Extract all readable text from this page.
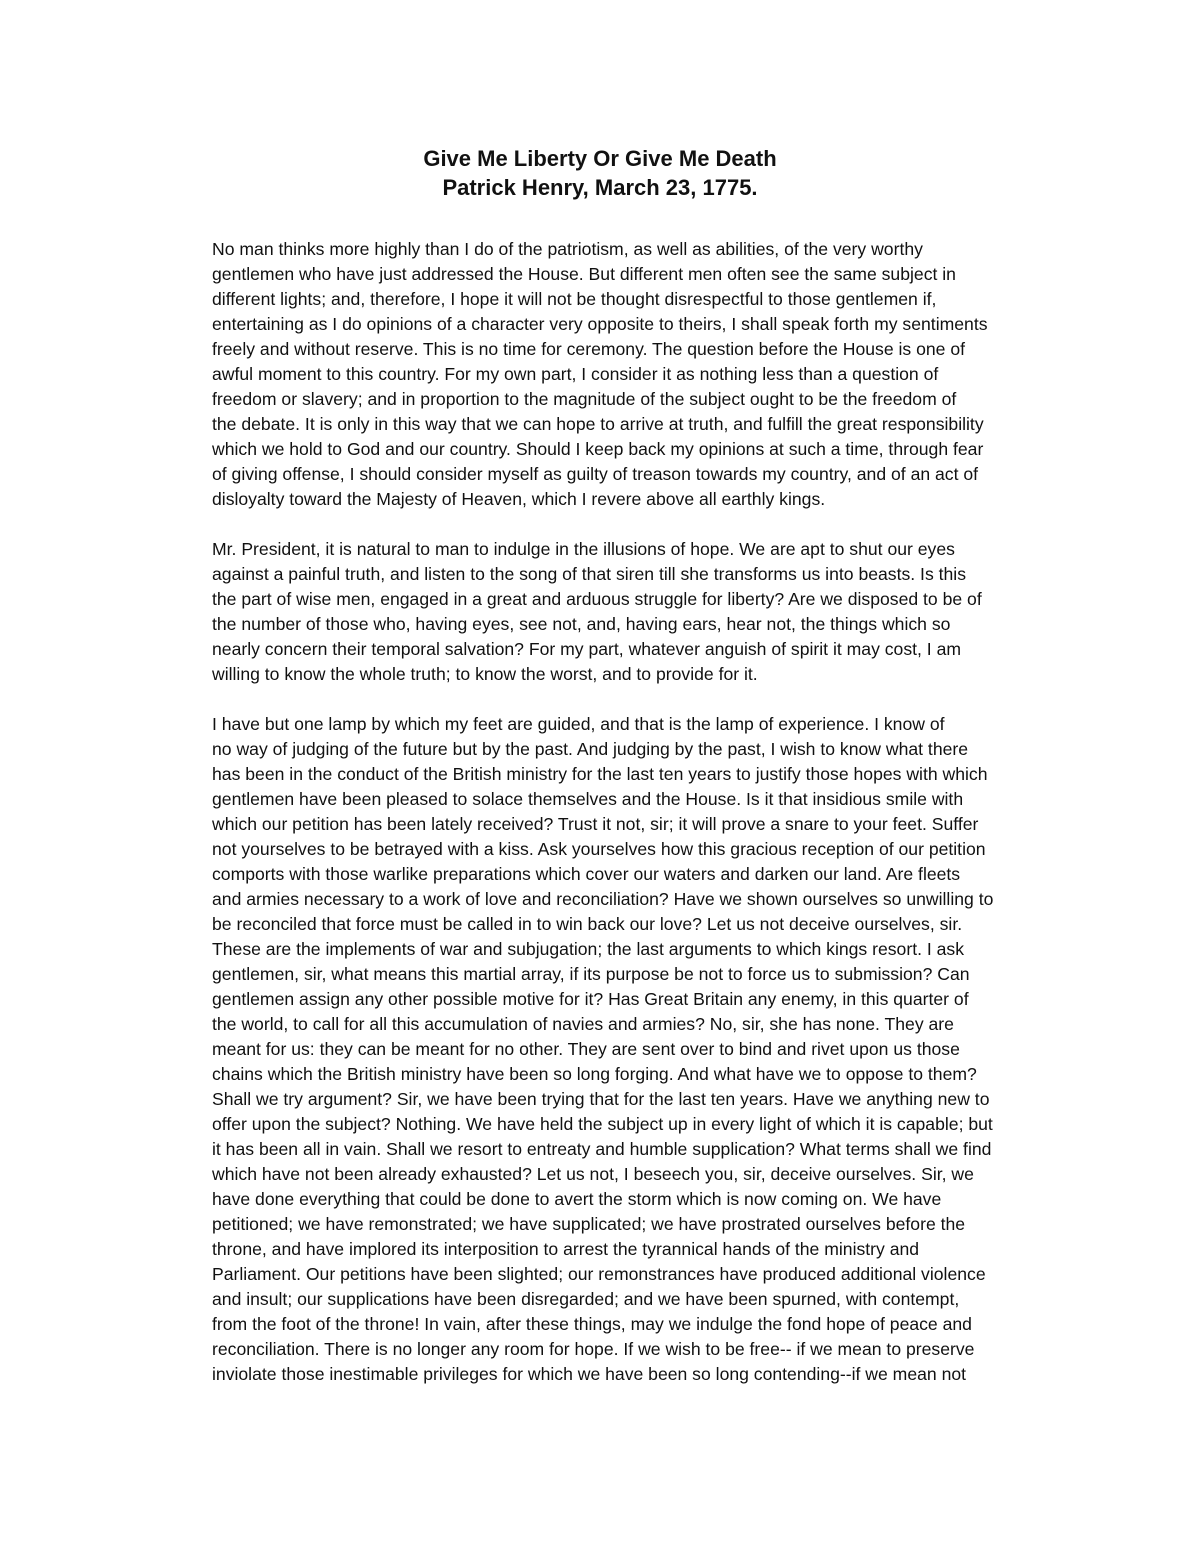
Give Me Liberty Or Give Me Death
Patrick Henry, March 23, 1775.
No man thinks more highly than I do of the patriotism, as well as abilities, of the very worthy
gentlemen who have just addressed the House. But different men often see the same subject in
different lights; and, therefore, I hope it will not be thought disrespectful to those gentlemen if,
entertaining as I do opinions of a character very opposite to theirs, I shall speak forth my sentiments
freely and without reserve. This is no time for ceremony. The question before the House is one of
awful moment to this country. For my own part, I consider it as nothing less than a question of
freedom or slavery; and in proportion to the magnitude of the subject ought to be the freedom of
the debate. It is only in this way that we can hope to arrive at truth, and fulfill the great responsibility
which we hold to God and our country. Should I keep back my opinions at such a time, through fear
of giving offense, I should consider myself as guilty of treason towards my country, and of an act of
disloyalty toward the Majesty of Heaven, which I revere above all earthly kings.
Mr. President, it is natural to man to indulge in the illusions of hope. We are apt to shut our eyes
against a painful truth, and listen to the song of that siren till she transforms us into beasts. Is this
the part of wise men, engaged in a great and arduous struggle for liberty? Are we disposed to be of
the number of those who, having eyes, see not, and, having ears, hear not, the things which so
nearly concern their temporal salvation? For my part, whatever anguish of spirit it may cost, I am
willing to know the whole truth; to know the worst, and to provide for it.
I have but one lamp by which my feet are guided, and that is the lamp of experience. I know of
no way of judging of the future but by the past. And judging by the past, I wish to know what there
has been in the conduct of the British ministry for the last ten years to justify those hopes with which
gentlemen have been pleased to solace themselves and the House. Is it that insidious smile with
which our petition has been lately received? Trust it not, sir; it will prove a snare to your feet. Suffer
not yourselves to be betrayed with a kiss. Ask yourselves how this gracious reception of our petition
comports with those warlike preparations which cover our waters and darken our land. Are fleets
and armies necessary to a work of love and reconciliation? Have we shown ourselves so unwilling to
be reconciled that force must be called in to win back our love? Let us not deceive ourselves, sir.
These are the implements of war and subjugation; the last arguments to which kings resort. I ask
gentlemen, sir, what means this martial array, if its purpose be not to force us to submission? Can
gentlemen assign any other possible motive for it? Has Great Britain any enemy, in this quarter of
the world, to call for all this accumulation of navies and armies? No, sir, she has none. They are
meant for us: they can be meant for no other. They are sent over to bind and rivet upon us those
chains which the British ministry have been so long forging. And what have we to oppose to them?
Shall we try argument? Sir, we have been trying that for the last ten years. Have we anything new to
offer upon the subject? Nothing. We have held the subject up in every light of which it is capable; but
it has been all in vain. Shall we resort to entreaty and humble supplication? What terms shall we find
which have not been already exhausted? Let us not, I beseech you, sir, deceive ourselves. Sir, we
have done everything that could be done to avert the storm which is now coming on. We have
petitioned; we have remonstrated; we have supplicated; we have prostrated ourselves before the
throne, and have implored its interposition to arrest the tyrannical hands of the ministry and
Parliament. Our petitions have been slighted; our remonstrances have produced additional violence
and insult; our supplications have been disregarded; and we have been spurned, with contempt,
from the foot of the throne! In vain, after these things, may we indulge the fond hope of peace and
reconciliation. There is no longer any room for hope. If we wish to be free-- if we mean to preserve
inviolate those inestimable privileges for which we have been so long contending--if we mean not
